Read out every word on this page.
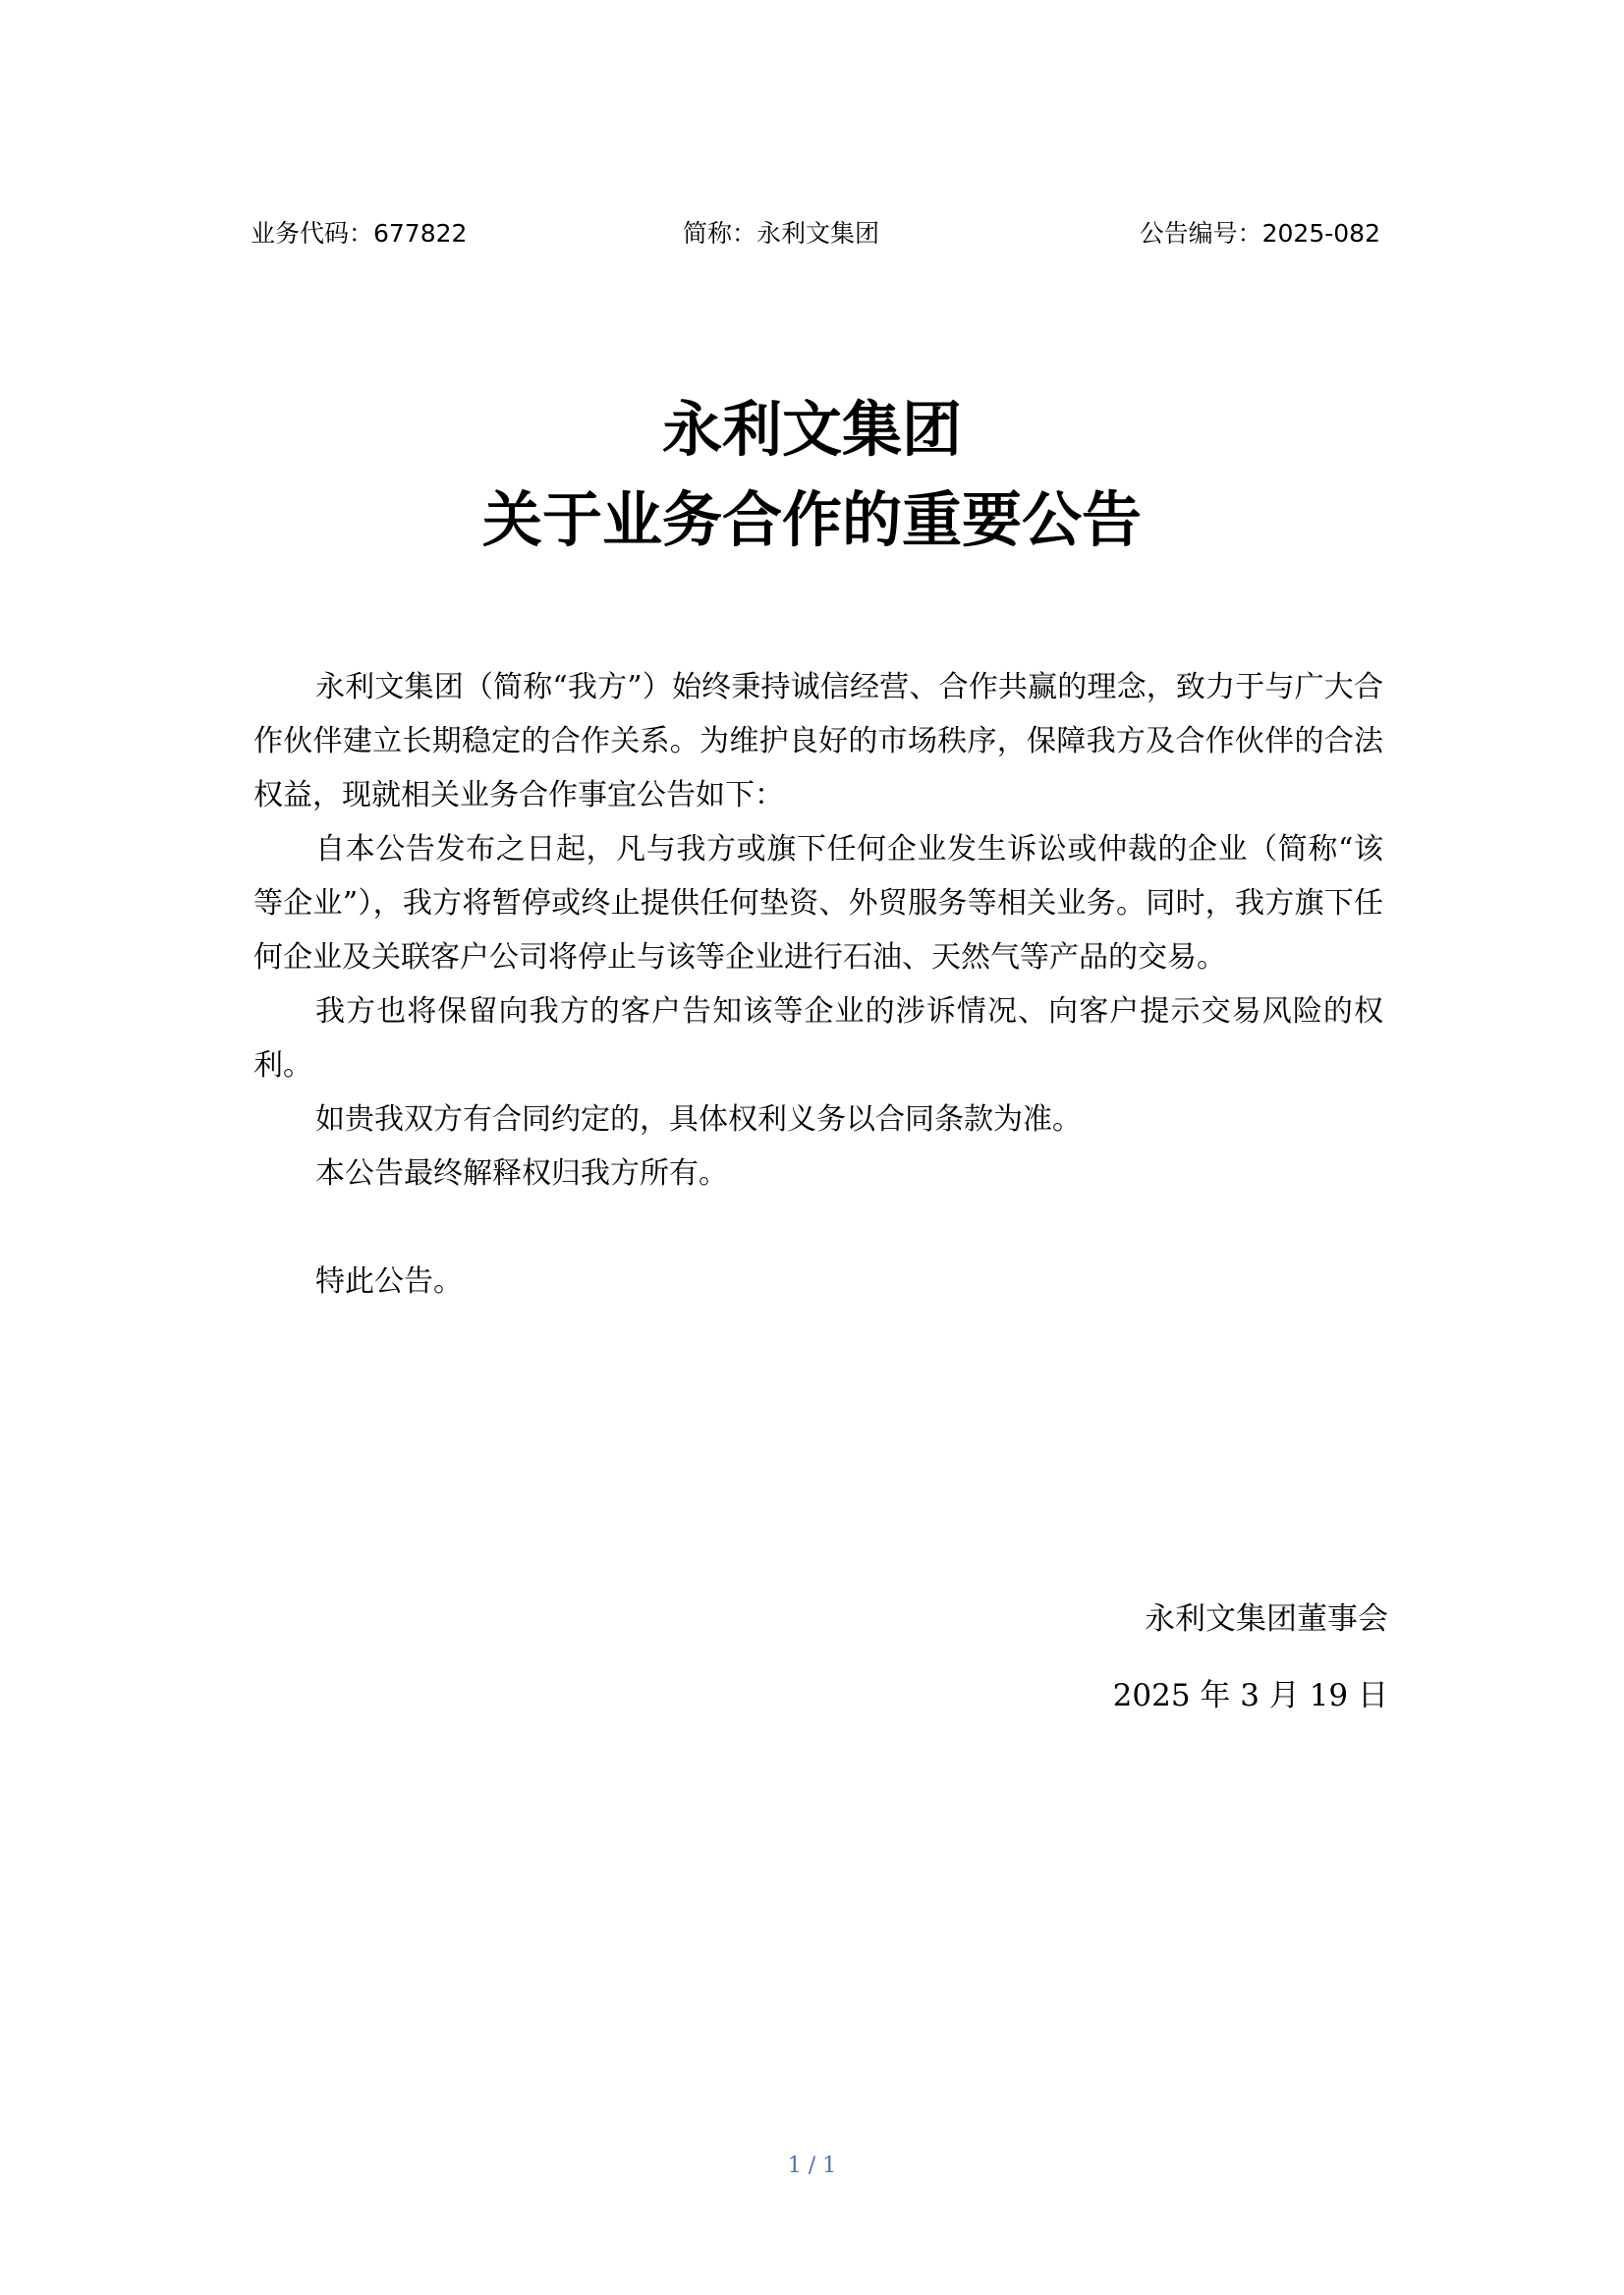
业务代码：677822	简称：永利文集团	公告编号：2025-082
永利文集团
关于业务合作的重要公告

永利文集团（简称“我方”）始终秉持诚信经营、合作共赢的理念，致力于与广大合作伙伴建立长期稳定的合作关系。为维护良好的市场秩序，保障我方及合作伙伴的合法权益，现就相关业务合作事宜公告如下：

自本公告发布之日起，凡与我方或旗下任何企业发生诉讼或仲裁的企业（简称“该等企业”），我方将暂停或终止提供任何垫资、外贸服务等相关业务。同时，我方旗下任何企业及关联客户公司将停止与该等企业进行石油、天然气等产品的交易。

我方也将保留向我方的客户告知该等企业的涉诉情况、向客户提示交易风险的权利。

如贵我双方有合同约定的，具体权利义务以合同条款为准。

本公告最终解释权归我方所有。

特此公告。

永利文集团董事会
2025 年 3 月 19 日
1 / 1
